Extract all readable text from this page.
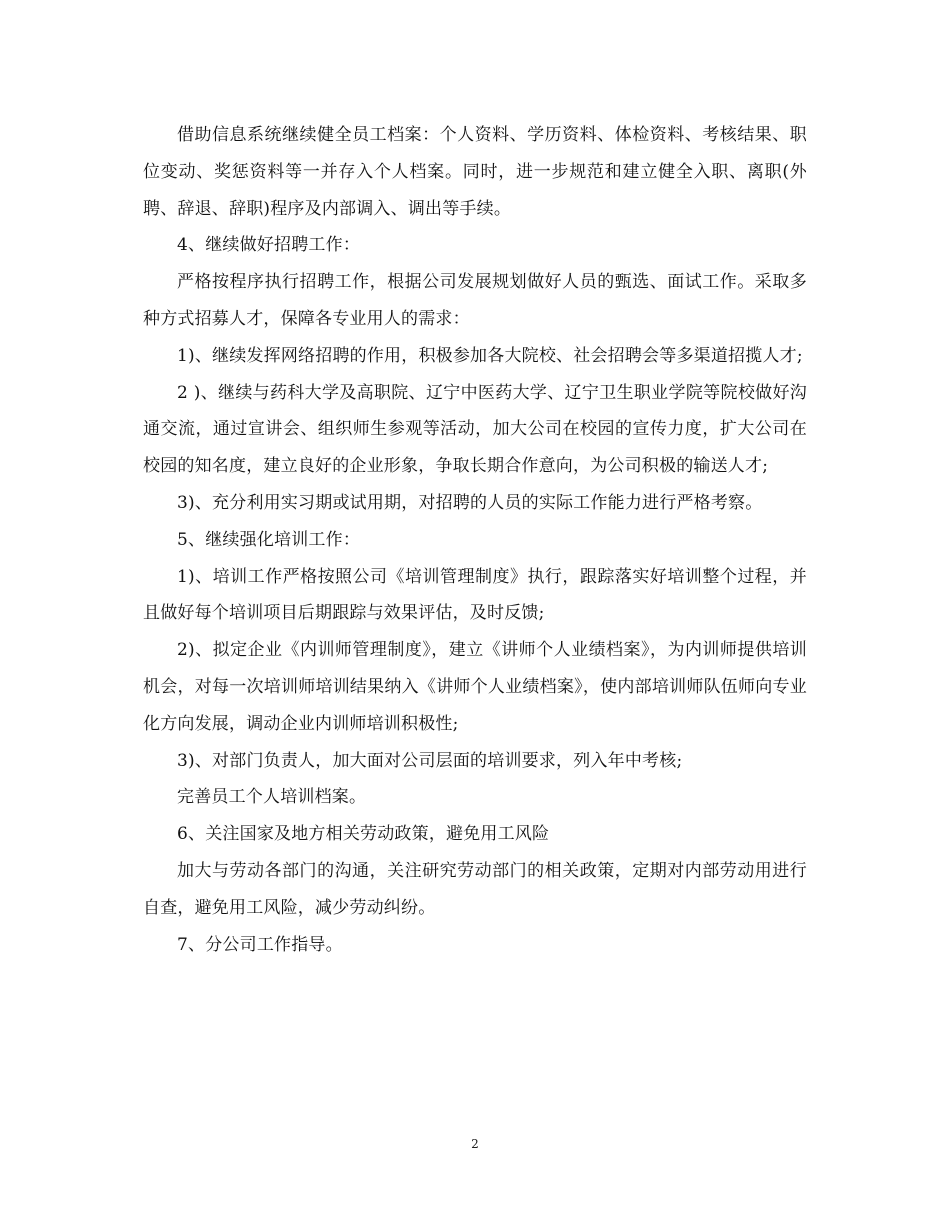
借助信息系统继续健全员工档案：个人资料、学历资料、体检资料、考核结果、职位变动、奖惩资料等一并存入个人档案。同时，进一步规范和建立健全入职、离职(外聘、辞退、辞职)程序及内部调入、调出等手续。

4、继续做好招聘工作：

严格按程序执行招聘工作，根据公司发展规划做好人员的甄选、面试工作。采取多种方式招募人才，保障各专业用人的需求：

1)、继续发挥网络招聘的作用，积极参加各大院校、社会招聘会等多渠道招揽人才;

2 )、继续与药科大学及高职院、辽宁中医药大学、辽宁卫生职业学院等院校做好沟通交流，通过宣讲会、组织师生参观等活动，加大公司在校园的宣传力度，扩大公司在校园的知名度，建立良好的企业形象，争取长期合作意向，为公司积极的输送人才;

3)、充分利用实习期或试用期，对招聘的人员的实际工作能力进行严格考察。

5、继续强化培训工作：

1)、培训工作严格按照公司《培训管理制度》执行，跟踪落实好培训整个过程，并且做好每个培训项目后期跟踪与效果评估，及时反馈;

2)、拟定企业《内训师管理制度》，建立《讲师个人业绩档案》，为内训师提供培训机会，对每一次培训师培训结果纳入《讲师个人业绩档案》，使内部培训师队伍师向专业化方向发展，调动企业内训师培训积极性;

3)、对部门负责人，加大面对公司层面的培训要求，列入年中考核;

完善员工个人培训档案。

6、关注国家及地方相关劳动政策，避免用工风险

加大与劳动各部门的沟通，关注研究劳动部门的相关政策，定期对内部劳动用进行自查，避免用工风险，减少劳动纠纷。

7、分公司工作指导。

2
